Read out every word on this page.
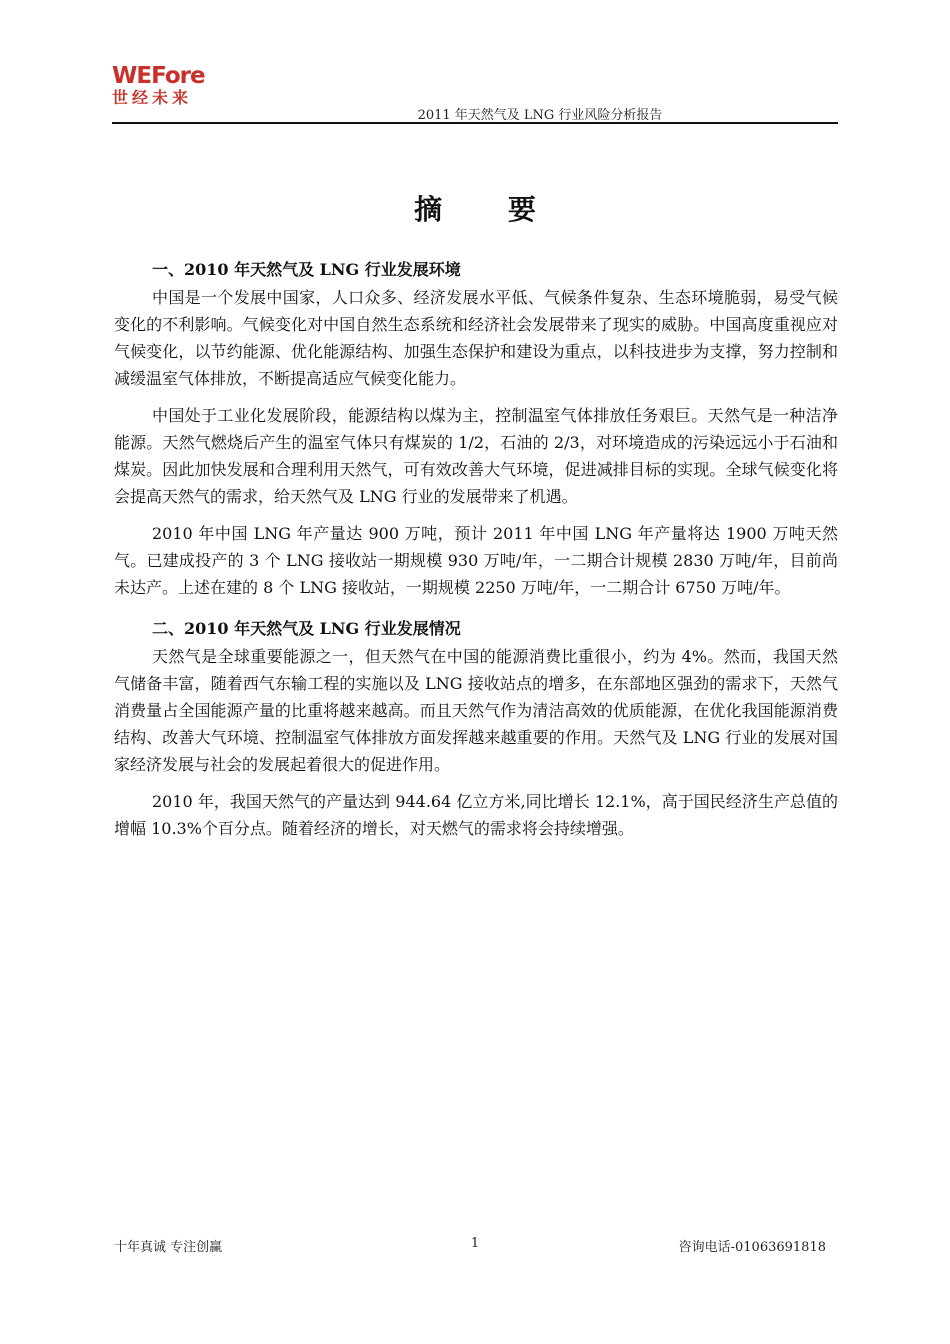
WEFore
世经未来
2011 年天然气及 LNG 行业风险分析报告
摘 要
一、2010 年天然气及 LNG 行业发展环境

中国是一个发展中国家，人口众多、经济发展水平低、气候条件复杂、生态环境脆弱，易受气候变化的不利影响。气候变化对中国自然生态系统和经济社会发展带来了现实的威胁。中国高度重视应对气候变化，以节约能源、优化能源结构、加强生态保护和建设为重点，以科技进步为支撑，努力控制和减缓温室气体排放，不断提高适应气候变化能力。

中国处于工业化发展阶段，能源结构以煤为主，控制温室气体排放任务艰巨。天然气是一种洁净能源。天然气燃烧后产生的温室气体只有煤炭的 1/2，石油的 2/3，对环境造成的污染远远小于石油和煤炭。因此加快发展和合理利用天然气，可有效改善大气环境，促进减排目标的实现。全球气候变化将会提高天然气的需求，给天然气及 LNG 行业的发展带来了机遇。

2010 年中国 LNG 年产量达 900 万吨，预计 2011 年中国 LNG 年产量将达 1900 万吨天然气。已建成投产的 3 个 LNG 接收站一期规模 930 万吨/年，一二期合计规模 2830 万吨/年，目前尚未达产。上述在建的 8 个 LNG 接收站，一期规模 2250 万吨/年，一二期合计 6750 万吨/年。

二、2010 年天然气及 LNG 行业发展情况

天然气是全球重要能源之一，但天然气在中国的能源消费比重很小，约为 4%。然而，我国天然气储备丰富，随着西气东输工程的实施以及 LNG 接收站点的增多，在东部地区强劲的需求下，天然气消费量占全国能源产量的比重将越来越高。而且天然气作为清洁高效的优质能源，在优化我国能源消费结构、改善大气环境、控制温室气体排放方面发挥越来越重要的作用。天然气及 LNG 行业的发展对国家经济发展与社会的发展起着很大的促进作用。

2010 年，我国天然气的产量达到 944.64 亿立方米,同比增长 12.1%，高于国民经济生产总值的增幅 10.3%个百分点。随着经济的增长，对天燃气的需求将会持续增强。

十年真诚 专注创赢	1	咨询电话-01063691818
